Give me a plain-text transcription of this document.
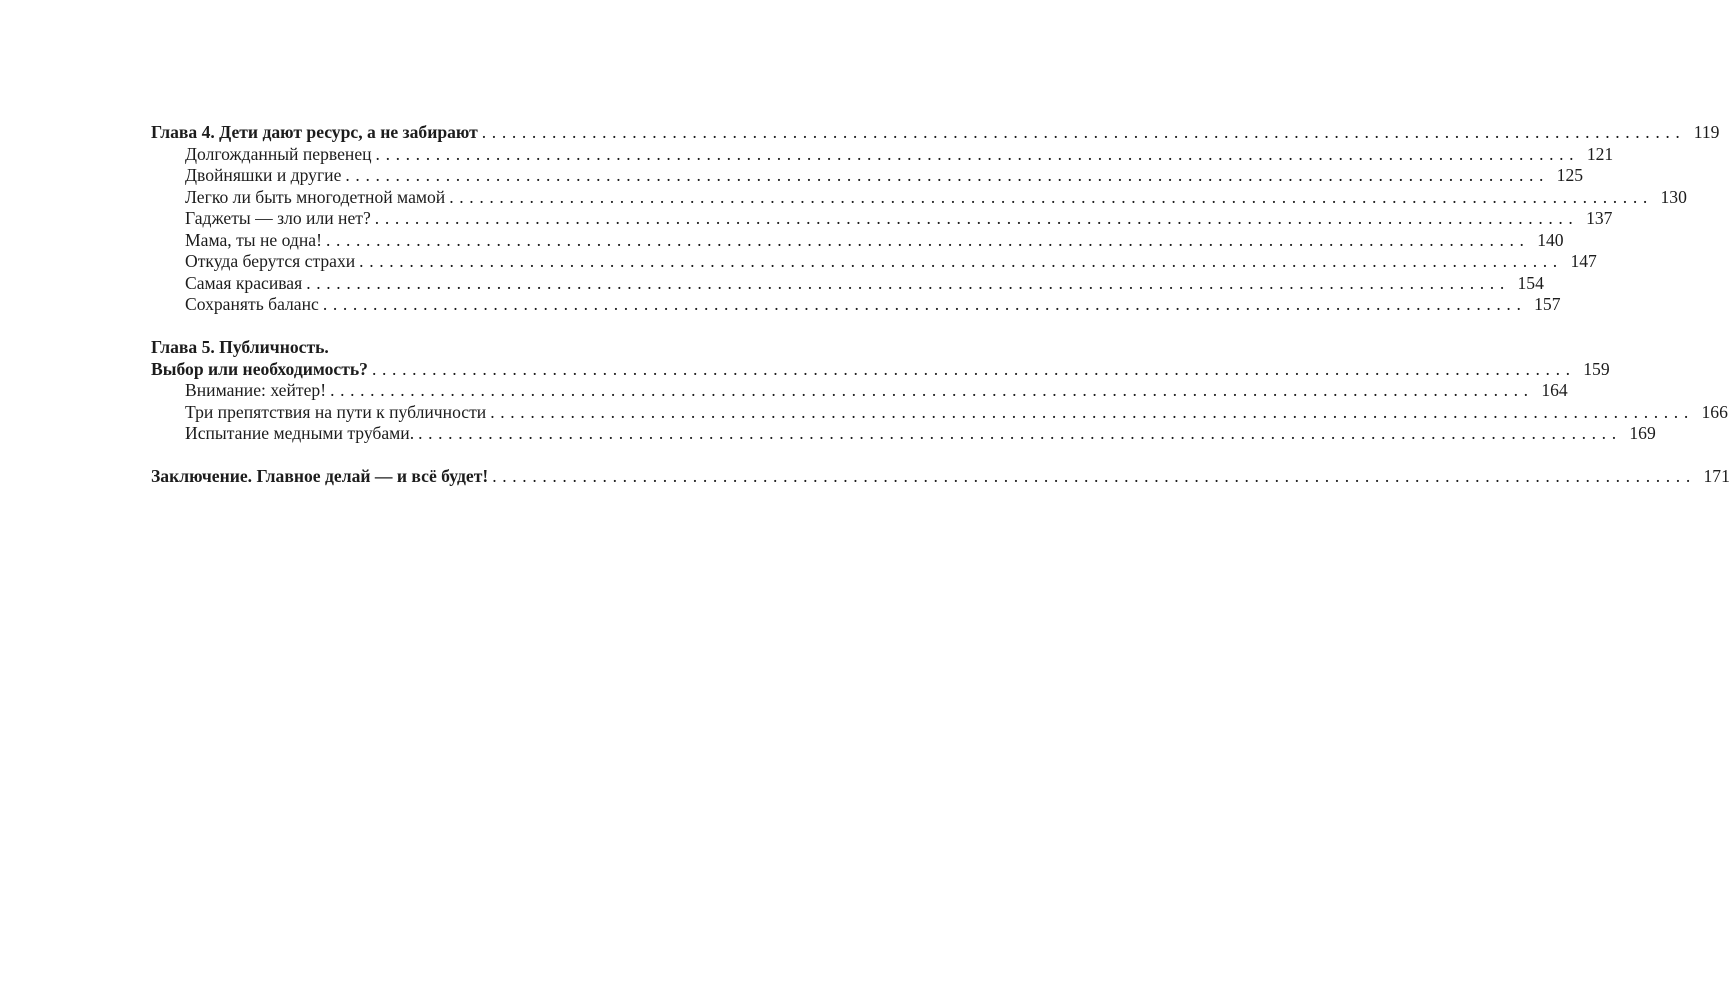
Глава 4. Дети дают ресурс, а не забирают ........................................................................................................................ 119
Долгожданный первенец ........................................................................................................................ 121
Двойняшки и другие ........................................................................................................................ 125
Легко ли быть многодетной мамой ........................................................................................................................ 130
Гаджеты — зло или нет? ........................................................................................................................ 137
Мама, ты не одна! ........................................................................................................................ 140
Откуда берутся страхи ........................................................................................................................ 147
Самая красивая ........................................................................................................................ 154
Сохранять баланс ........................................................................................................................ 157
Глава 5. Публичность.
Выбор или необходимость? ........................................................................................................................ 159
Внимание: хейтер! ........................................................................................................................ 164
Три препятствия на пути к публичности ........................................................................................................................ 166
Испытание медными трубами. ........................................................................................................................ 169
Заключение. Главное делай — и всё будет! ........................................................................................................................ 171
